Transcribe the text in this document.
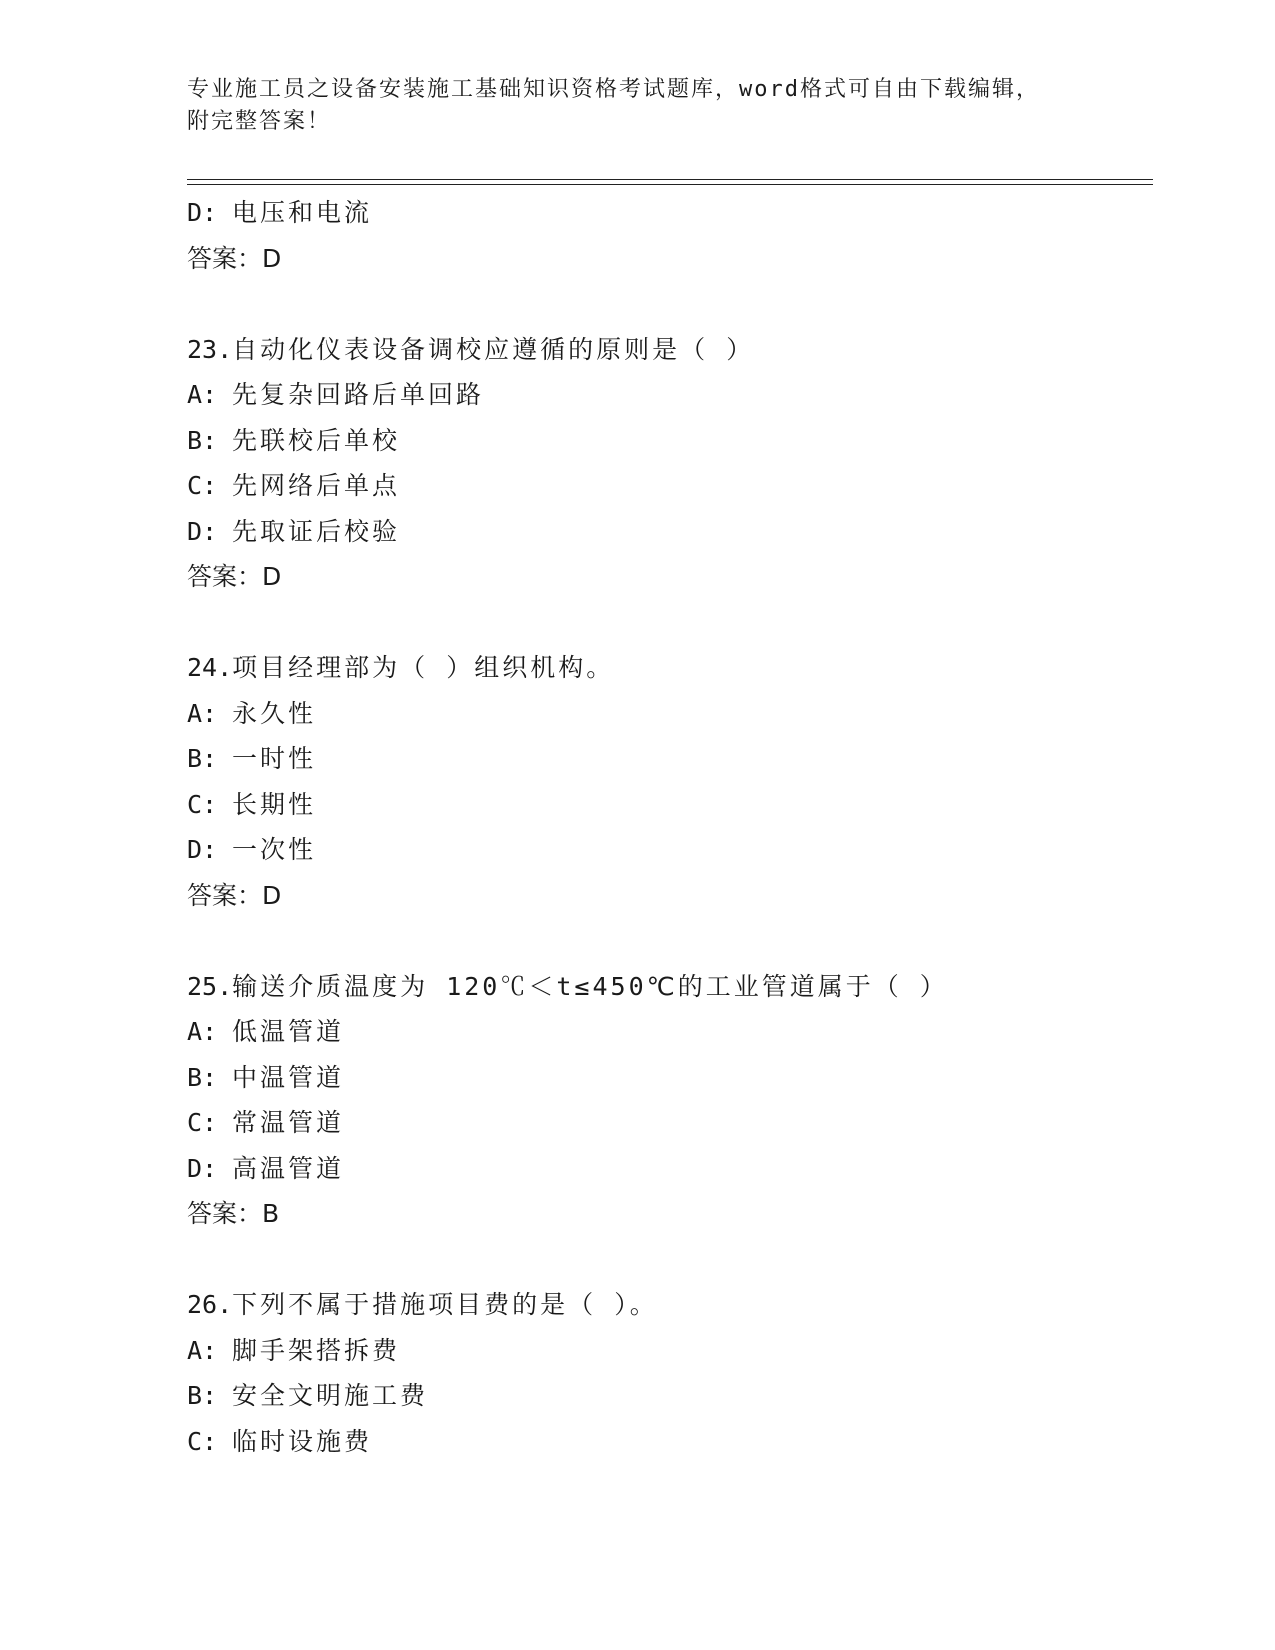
专业施工员之设备安装施工基础知识资格考试题库，word格式可自由下载编辑，
附完整答案！
D: 电压和电流
答案：D
23.自动化仪表设备调校应遵循的原则是（ ）
A: 先复杂回路后单回路
B: 先联校后单校
C: 先网络后单点
D: 先取证后校验
答案：D
24.项目经理部为（ ）组织机构。
A: 永久性
B: 一时性
C: 长期性
D: 一次性
答案：D
25.输送介质温度为 120℃＜t≤450℃的工业管道属于（ ）
A: 低温管道
B: 中温管道
C: 常温管道
D: 高温管道
答案：B
26.下列不属于措施项目费的是（ ）。
A: 脚手架搭拆费
B: 安全文明施工费
C: 临时设施费
